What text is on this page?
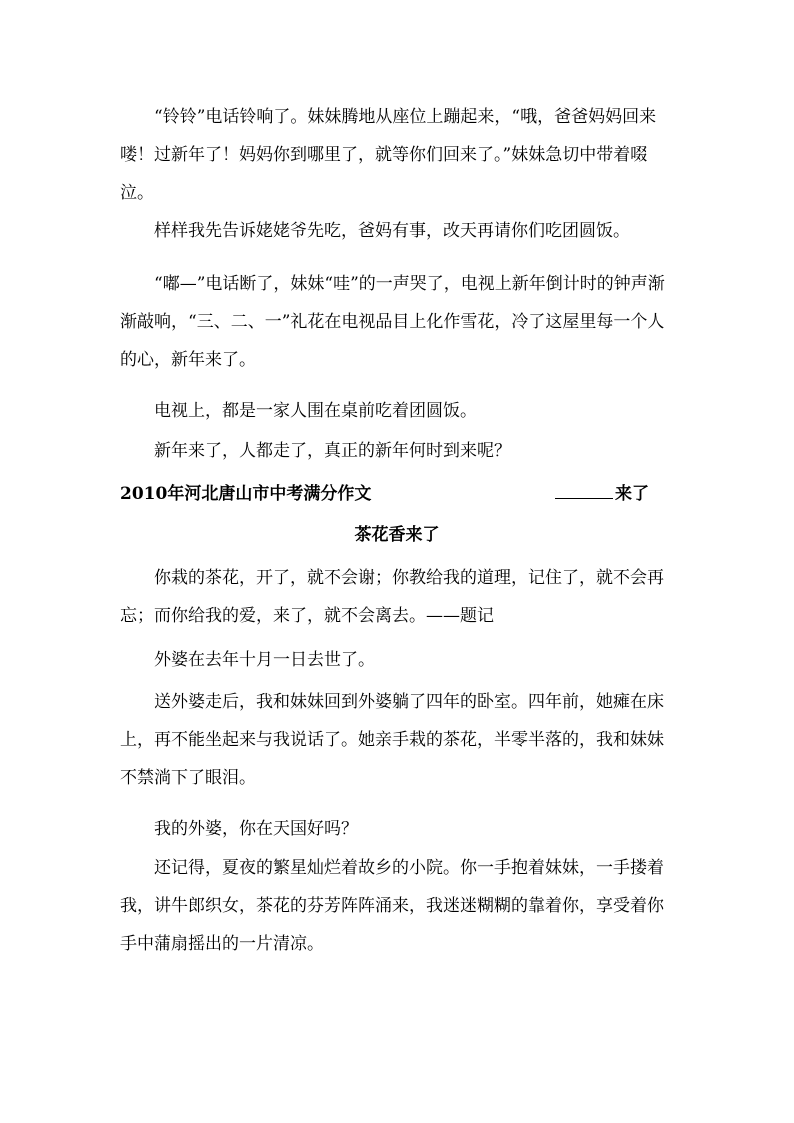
“铃铃”电话铃响了。妹妹腾地从座位上蹦起来，“哦，爸爸妈妈回来喽！过新年了！妈妈你到哪里了，就等你们回来了。”妹妹急切中带着啜泣。

样样我先告诉姥姥爷先吃，爸妈有事，改天再请你们吃团圆饭。

“嘟—”电话断了，妹妹“哇”的一声哭了，电视上新年倒计时的钟声渐渐敲响，“三、二、一”礼花在电视品目上化作雪花，冷了这屋里每一个人的心，新年来了。

电视上，都是一家人围在桌前吃着团圆饭。

新年来了，人都走了，真正的新年何时到来呢？

2010年河北唐山市中考满分作文	来了
茶花香来了

你栽的茶花，开了，就不会谢；你教给我的道理，记住了，就不会再忘；而你给我的爱，来了，就不会离去。——题记

外婆在去年十月一日去世了。

送外婆走后，我和妹妹回到外婆躺了四年的卧室。四年前，她瘫在床上，再不能坐起来与我说话了。她亲手栽的茶花，半零半落的，我和妹妹不禁淌下了眼泪。

我的外婆，你在天国好吗？

还记得，夏夜的繁星灿烂着故乡的小院。你一手抱着妹妹，一手搂着我，讲牛郎织女，茶花的芬芳阵阵涌来，我迷迷糊糊的靠着你，享受着你手中蒲扇摇出的一片清凉。
